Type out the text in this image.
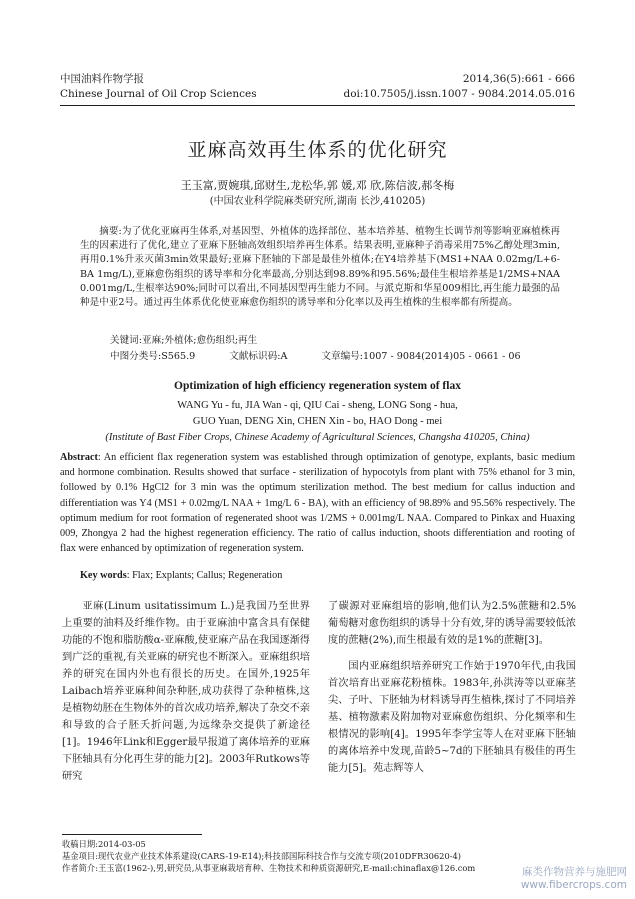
中国油料作物学报
Chinese Journal of Oil Crop Sciences
2014,36(5):661 - 666
doi:10.7505/j.issn.1007 - 9084.2014.05.016
亚麻高效再生体系的优化研究
王玉富,贾婉琪,邱财生,龙松华,郭 媛,邓 欣,陈信波,郝冬梅
(中国农业科学院麻类研究所,湖南 长沙,410205)
摘要:为了优化亚麻再生体系,对基因型、外植体的选择部位、基本培养基、植物生长调节剂等影响亚麻植株再生的因素进行了优化,建立了亚麻下胚轴高效组织培养再生体系。结果表明,亚麻种子消毒采用75%乙醇处理3min,再用0.1%升汞灭菌3min效果最好;亚麻下胚轴的下部是最佳外植体;在Y4培养基下(MS1+NAA 0.02mg/L+6-BA 1mg/L),亚麻愈伤组织的诱导率和分化率最高,分别达到98.89%和95.56%;最佳生根培养基是1/2MS+NAA 0.001mg/L,生根率达90%;同时可以看出,不同基因型再生能力不同。与派克斯和华星009相比,再生能力最强的品种是中亚2号。通过再生体系优化使亚麻愈伤组织的诱导率和分化率以及再生植株的生根率都有所提高。
关键词:亚麻;外植体;愈伤组织;再生
中图分类号:S565.9	文献标识码:A	文章编号:1007 - 9084(2014)05 - 0661 - 06
Optimization of high efficiency regeneration system of flax
WANG Yu - fu, JIA Wan - qi, QIU Cai - sheng, LONG Song - hua,
GUO Yuan, DENG Xin, CHEN Xin - bo, HAO Dong - mei
(Institute of Bast Fiber Crops, Chinese Academy of Agricultural Sciences, Changsha 410205, China)
Abstract: An efficient flax regeneration system was established through optimization of genotype, explants, basic medium and hormone combination. Results showed that surface - sterilization of hypocotyls from plant with 75% ethanol for 3 min, followed by 0.1% HgCl2 for 3 min was the optimum sterilization method. The best medium for callus induction and differentiation was Y4 (MS1 + 0.02mg/L NAA + 1mg/L 6 - BA), with an efficiency of 98.89% and 95.56% respectively. The optimum medium for root formation of regenerated shoot was 1/2MS + 0.001mg/L NAA. Compared to Pinkax and Huaxing 009, Zhongya 2 had the highest regeneration efficiency. The ratio of callus induction, shoots differentiation and rooting of flax were enhanced by optimization of regeneration system.
Key words: Flax; Explants; Callus; Regeneration

亚麻(Linum usitatissimum L.)是我国乃至世界上重要的油料及纤维作物。由于亚麻油中富含具有保健功能的不饱和脂肪酸α-亚麻酸,使亚麻产品在我国逐渐得到广泛的重视,有关亚麻的研究也不断深入。亚麻组织培养的研究在国内外也有很长的历史。在国外,1925年Laibach培养亚麻种间杂种胚,成功获得了杂种植株,这是植物幼胚在生物体外的首次成功培养,解决了杂交不亲和导致的合子胚夭折问题,为远缘杂交提供了新途径[1]。1946年Link和Egger最早报道了离体培养的亚麻下胚轴具有分化再生芽的能力[2]。2003年Rutkows等研究

了碳源对亚麻组培的影响,他们认为2.5%蔗糖和2.5%葡萄糖对愈伤组织的诱导十分有效,芽的诱导需要较低浓度的蔗糖(2%),而生根最有效的是1%的蔗糖[3]。

国内亚麻组织培养研究工作始于1970年代,由我国首次培育出亚麻花粉植株。1983年,孙洪涛等以亚麻茎尖、子叶、下胚轴为材料诱导再生植株,探讨了不同培养基、植物激素及附加物对亚麻愈伤组织、分化频率和生根情况的影响[4]。1995年李学宝等人在对亚麻下胚轴的离体培养中发现,苗龄5~7d的下胚轴具有极佳的再生能力[5]。苑志辉等人

收稿日期:2014-03-05
基金项目:现代农业产业技术体系建设(CARS-19-E14);科技部国际科技合作与交流专项(2010DFR30620-4)
作者简介:王玉富(1962-),男,研究员,从事亚麻栽培育种、生物技术和种质资源研究,E-mail:chinaflax@126.com	麻类作物营养与施肥网
www.fibercrops.com
